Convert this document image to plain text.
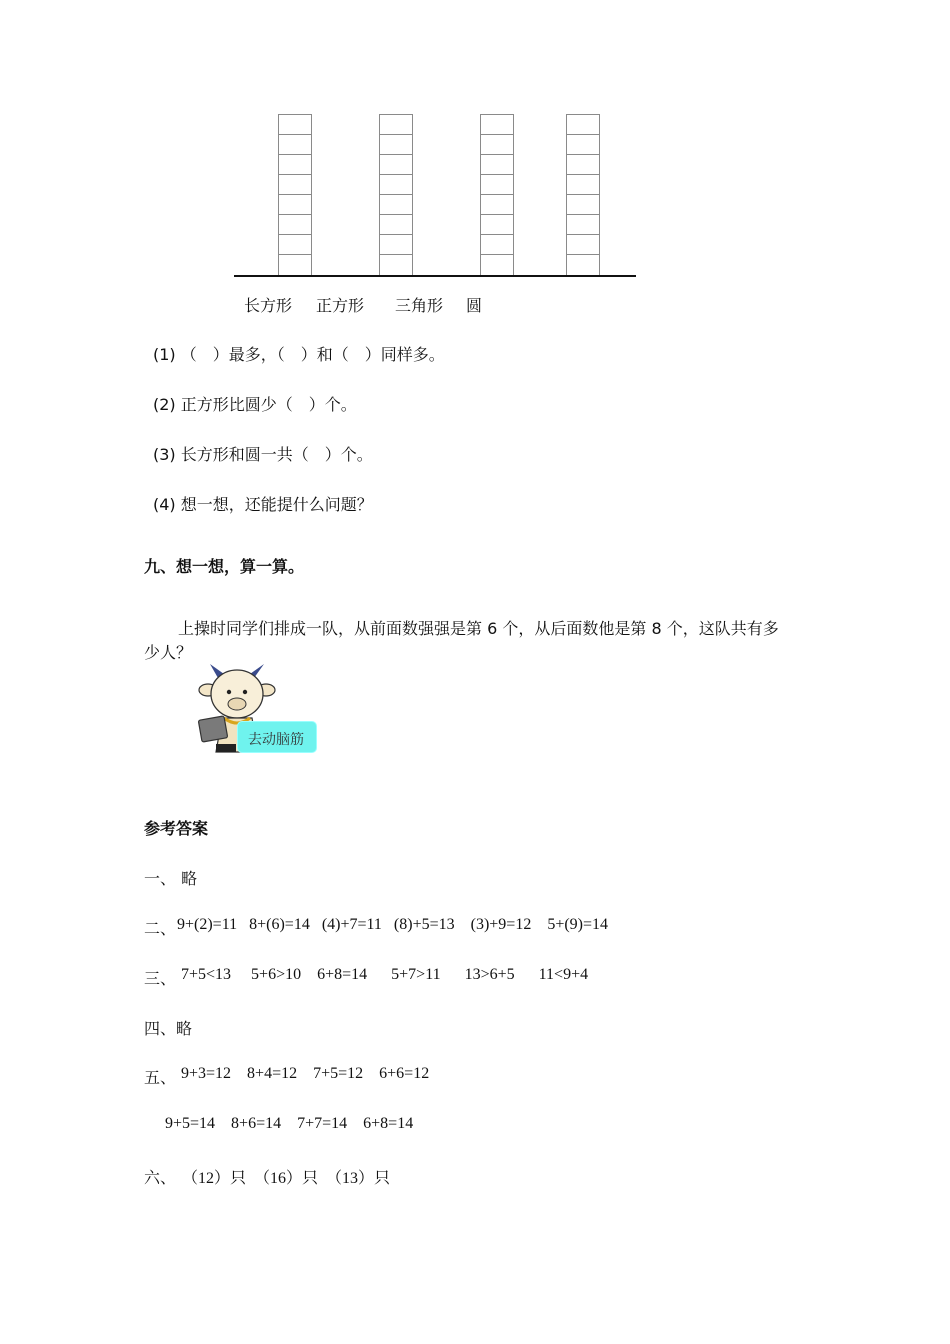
长方形 正方形 三角形 圆
(1) （　）最多，（　）和（　）同样多。
(2) 正方形比圆少（　）个。
(3) 长方形和圆一共（　）个。
(4) 想一想，还能提什么问题？
九、想一想，算一算。
上操时同学们排成一队，从前面数强强是第 6 个，从后面数他是第 8 个，这队共有多
少人？
去动脑筋
参考答案
一、 略
二、 9+(2)=11   8+(6)=14   (4)+7=11   (8)+5=13    (3)+9=12    5+(9)=14
三、 7+5<13     5+6>10    6+8=14      5+7>11      13>6+5      11<9+4
四、略
五、 9+3=12    8+4=12    7+5=12    6+6=12
9+5=14    8+6=14    7+7=14    6+8=14
六、 （12）只  （16）只  （13）只
